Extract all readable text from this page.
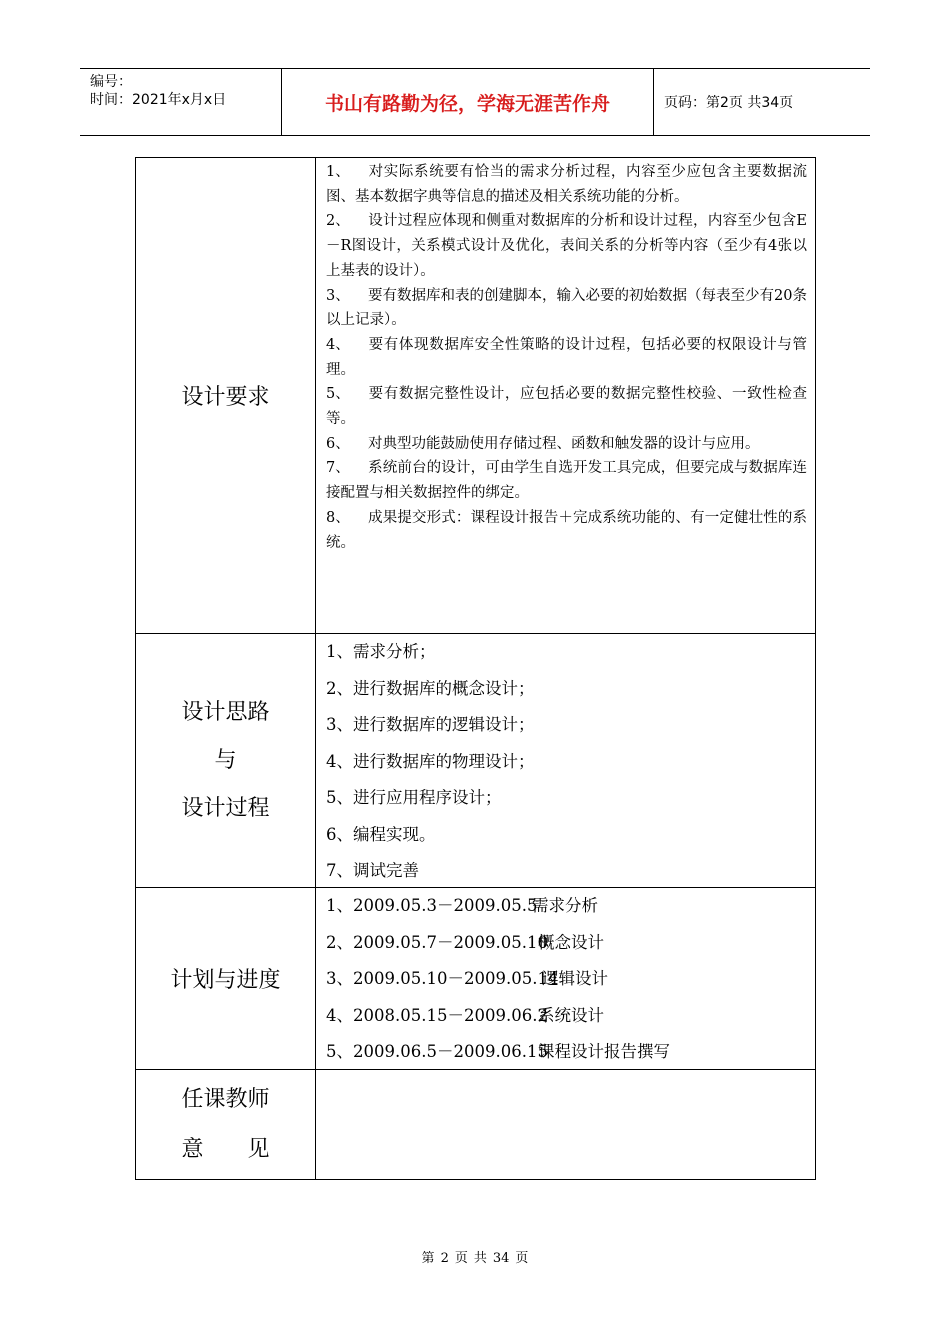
编号：
时间：2021年x月x日	书山有路勤为径，学海无涯苦作舟	页码：第2页 共34页
设计要求

1、 对实际系统要有恰当的需求分析过程，内容至少应包含主要数据流图、基本数据字典等信息的描述及相关系统功能的分析。

2、 设计过程应体现和侧重对数据库的分析和设计过程，内容至少包含E－R图设计，关系模式设计及优化，表间关系的分析等内容（至少有4张以上基表的设计）。

3、 要有数据库和表的创建脚本，输入必要的初始数据（每表至少有20条以上记录）。

4、 要有体现数据库安全性策略的设计过程，包括必要的权限设计与管理。

5、 要有数据完整性设计，应包括必要的数据完整性校验、一致性检查等。

6、 对典型功能鼓励使用存储过程、函数和触发器的设计与应用。

7、 系统前台的设计，可由学生自选开发工具完成，但要完成与数据库连接配置与相关数据控件的绑定。

8、 成果提交形式：课程设计报告＋完成系统功能的、有一定健壮性的系统。

设计思路
与
设计过程
1、需求分析；
2、进行数据库的概念设计；
3、进行数据库的逻辑设计；
4、进行数据库的物理设计；
5、进行应用程序设计；
6、编程实现。
7、调试完善
计划与进度
1、2009.05.3－2009.05.5需求分析
2、2009.05.7－2009.05.10概念设计
3、2009.05.10－2009.05.14逻辑设计
4、2008.05.15－2009.06.2系统设计
5、2009.06.5－2009.06.15课程设计报告撰写
任课教师
意　　见
第 2 页 共 34 页
